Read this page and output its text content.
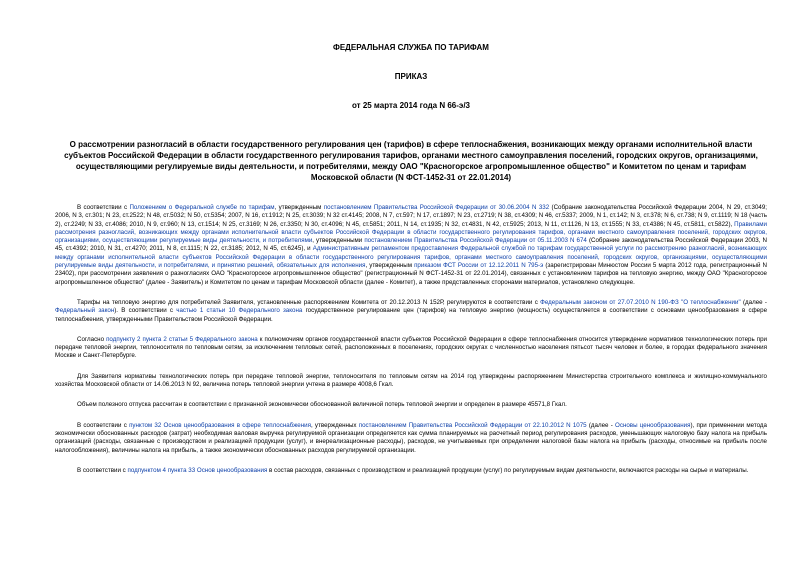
ФЕДЕРАЛЬНАЯ СЛУЖБА ПО ТАРИФАМ
ПРИКАЗ
от 25 марта 2014 года N 66-э/3
О рассмотрении разногласий в области государственного регулирования цен (тарифов) в сфере теплоснабжения, возникающих между органами исполнительной власти субъектов Российской Федерации в области государственного регулирования тарифов, органами местного самоуправления поселений, городских округов, организациями, осуществляющими регулируемые виды деятельности, и потребителями, между ОАО "Красногорское агропромышленное общество" и Комитетом по ценам и тарифам Московской области (N ФСТ-1452-31 от 22.01.2014)

В соответствии с Положением о Федеральной службе по тарифам, утвержденным постановлением Правительства Российской Федерации от 30.06.2004 N 332 (Собрание законодательства Российской Федерации 2004, N 29, ст.3049; 2006, N 3, ст.301; N 23, ст.2522; N 48, ст.5032; N 50, ст.5354; 2007, N 16, ст.1912; N 25, ст.3039; N 32 ст.4145; 2008, N 7, ст.597; N 17, ст.1897; N 23, ст.2719; N 38, ст.4309; N 46, ст.5337; 2009, N 1, ст.142; N 3, ст.378; N 6, ст.738; N 9, ст.1119; N 18 (часть 2), ст.2249; N 33, ст.4086; 2010, N 9, ст.960; N 13, ст.1514; N 25, ст.3169; N 26, ст.3350; N 30, ст.4096; N 45, ст.5851; 2011, N 14, ст.1935; N 32, ст.4831, N 42, ст.5925; 2013, N 11, ст.1126, N 13, ст.1555; N 33, ст.4386; N 45, ст.5811, ст.5822), Правилами рассмотрения разногласий, возникающих между органами исполнительной власти субъектов Российской Федерации в области государственного регулирования тарифов, органами местного самоуправления поселений, городских округов, организациями, осуществляющими регулируемые виды деятельности, и потребителями, утвержденными постановлением Правительства Российской Федерации от 05.11.2003 N 674 (Собрание законодательства Российской Федерации 2003, N 45, ст.4392; 2010, N 31, ст.4270; 2011, N 8, ст.1115; N 22, ст.3185; 2012, N 45, ст.6245), и Административным регламентом предоставления Федеральной службой по тарифам государственной услуги по рассмотрению разногласий, возникающих между органами исполнительной власти субъектов Российской Федерации в области государственного регулирования тарифов, органами местного самоуправления поселений, городских округов, организациями, осуществляющими регулируемые виды деятельности, и потребителями, и принятию решений, обязательных для исполнения, утвержденным приказом ФСТ России от 12.12.2011 N 795-э (зарегистрирован Минюстом России 5 марта 2012 года, регистрационный N 23402), при рассмотрении заявления о разногласиях ОАО "Красногорское агропромышленное общество" (регистрационный N ФСТ-1452-31 от 22.01.2014), связанных с установлением тарифов на тепловую энергию, между ОАО "Красногорское агропромышленное общество" (далее - Заявитель) и Комитетом по ценам и тарифам Московской области (далее - Комитет), а также представленных сторонами материалов, установлено следующее.

Тарифы на тепловую энергию для потребителей Заявителя, установленные распоряжением Комитета от 20.12.2013 N 152Р, регулируются в соответствии с Федеральным законом от 27.07.2010 N 190-ФЗ "О теплоснабжении" (далее - Федеральный закон). В соответствии с частью 1 статьи 10 Федерального закона государственное регулирование цен (тарифов) на тепловую энергию (мощность) осуществляется в соответствии с основами ценообразования в сфере теплоснабжения, утвержденными Правительством Российской Федерации.

Согласно подпункту 2 пункта 2 статьи 5 Федерального закона к полномочиям органов государственной власти субъектов Российской Федерации в сфере теплоснабжения относится утверждение нормативов технологических потерь при передаче тепловой энергии, теплоносителя по тепловым сетям, за исключением тепловых сетей, расположенных в поселениях, городских округах с численностью населения пятьсот тысяч человек и более, в городах федерального значения Москве и Санкт-Петербурге.

Для Заявителя нормативы технологических потерь при передаче тепловой энергии, теплоносителя по тепловым сетям на 2014 год утверждены распоряжением Министерства строительного комплекса и жилищно-коммунального хозяйства Московской области от 14.06.2013 N 92, величина потерь тепловой энергии учтена в размере 4008,6 Гкал.

Объем полезного отпуска рассчитан в соответствии с признанной экономически обоснованной величиной потерь тепловой энергии и определен в размере 45571,8 Гкал.

В соответствии с пунктом 32 Основ ценообразования в сфере теплоснабжения, утвержденных постановлением Правительства Российской Федерации от 22.10.2012 N 1075 (далее - Основы ценообразования), при применении метода экономически обоснованных расходов (затрат) необходимая валовая выручка регулируемой организации определяется как сумма планируемых на расчетный период регулирования расходов, уменьшающих налоговую базу налога на прибыль организаций (расходы, связанные с производством и реализацией продукции (услуг), и внереализационные расходы), расходов, не учитываемых при определении налоговой базы налога на прибыль (расходы, относимые на прибыль после налогообложения), величины налога на прибыль, а также экономически обоснованных расходов регулируемой организации.

В соответствии с подпунктом 4 пункта 33 Основ ценообразования в состав расходов, связанных с производством и реализацией продукции (услуг) по регулируемым видам деятельности, включаются расходы на сырье и материалы.
